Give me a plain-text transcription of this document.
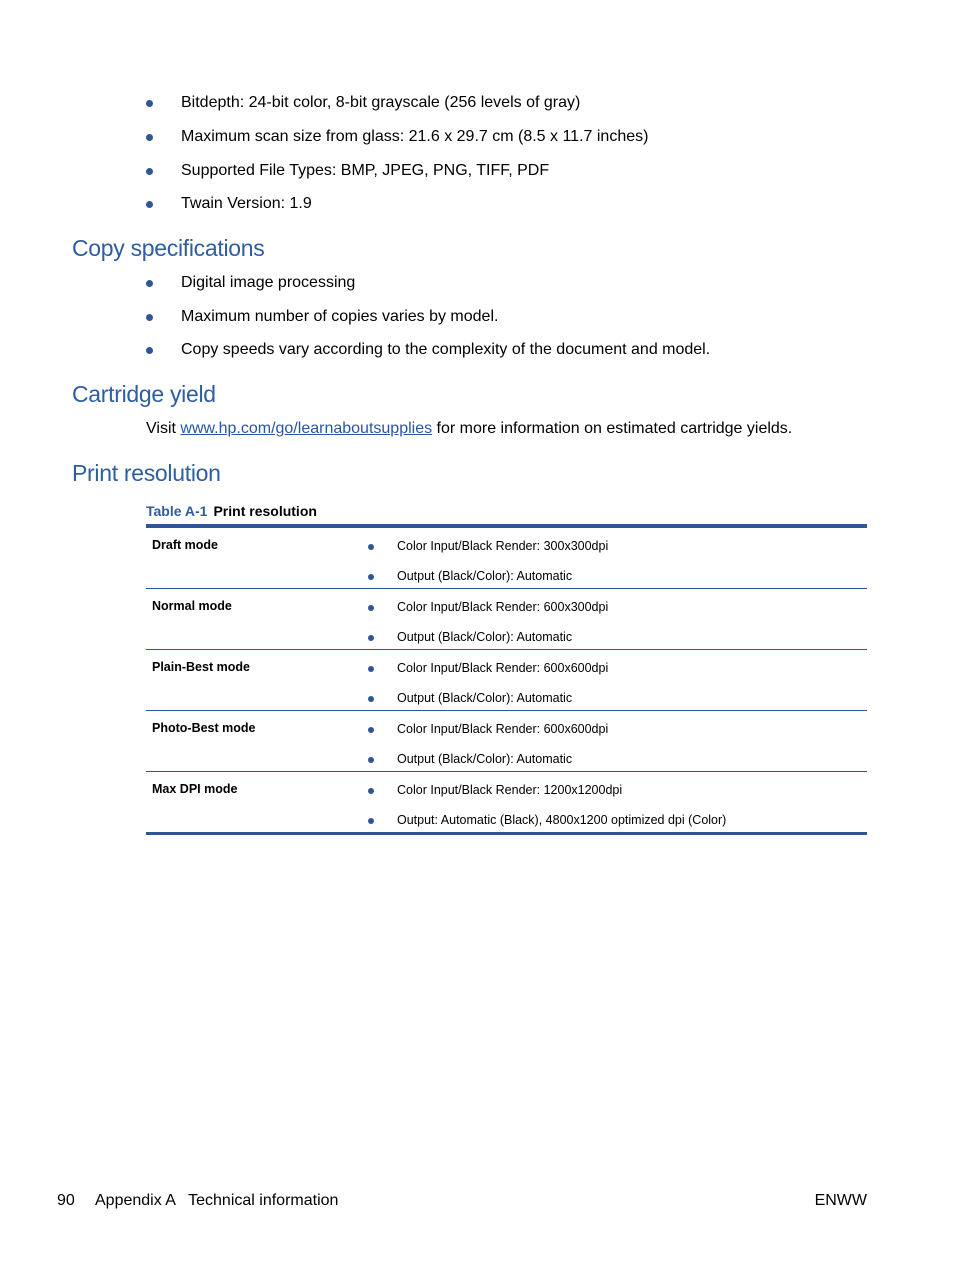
Bitdepth: 24-bit color, 8-bit grayscale (256 levels of gray)
Maximum scan size from glass: 21.6 x 29.7 cm (8.5 x 11.7 inches)
Supported File Types: BMP, JPEG, PNG, TIFF, PDF
Twain Version: 1.9
Copy specifications
Digital image processing
Maximum number of copies varies by model.
Copy speeds vary according to the complexity of the document and model.
Cartridge yield
Visit www.hp.com/go/learnaboutsupplies for more information on estimated cartridge yields.
Print resolution
Table A-1 Print resolution
Draft mode	Color Input/Black Render: 300x300dpi
Output (Black/Color): Automatic
Normal mode	Color Input/Black Render: 600x300dpi
Output (Black/Color): Automatic
Plain-Best mode	Color Input/Black Render: 600x600dpi
Output (Black/Color): Automatic
Photo-Best mode	Color Input/Black Render: 600x600dpi
Output (Black/Color): Automatic
Max DPI mode	Color Input/Black Render: 1200x1200dpi
Output: Automatic (Black), 4800x1200 optimized dpi (Color)
90 Appendix A   Technical information	ENWW
